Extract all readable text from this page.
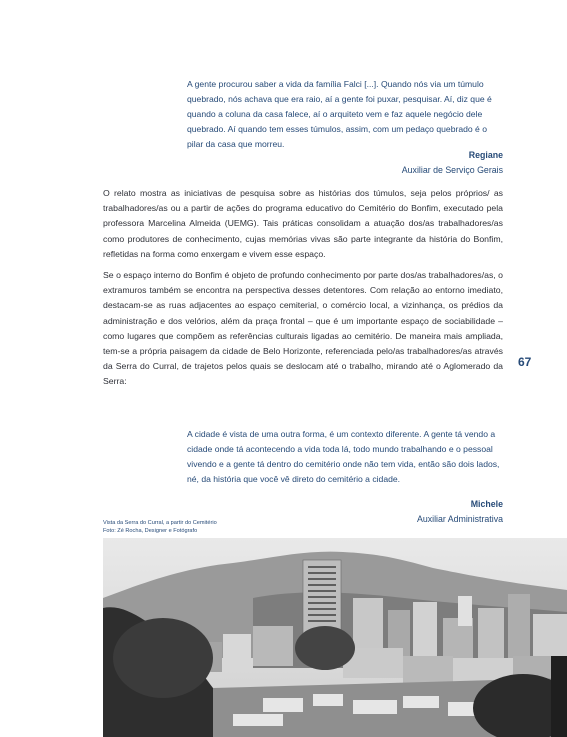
A gente procurou saber a vida da família Falci [...]. Quando nós via um túmulo quebrado, nós achava que era raio, aí a gente foi puxar, pesquisar. Aí, diz que é quando a coluna da casa falece, aí o arquiteto vem e faz aquele negócio dele quebrado. Aí quando tem esses túmulos, assim, com um pedaço quebrado é o pilar da casa que morreu.

Regiane
Auxiliar de Serviço Gerais

O relato mostra as iniciativas de pesquisa sobre as histórias dos túmulos, seja pelos próprios/ as trabalhadores/as ou a partir de ações do programa educativo do Cemitério do Bonfim, executado pela professora Marcelina Almeida (UEMG). Tais práticas consolidam a atuação dos/as trabalhadores/as como produtores de conhecimento, cujas memórias vivas são parte integrante da história do Bonfim, refletidas na forma como enxergam e vivem esse espaço.

Se o espaço interno do Bonfim é objeto de profundo conhecimento por parte dos/as trabalhadores/as, o extramuros também se encontra na perspectiva desses detentores. Com relação ao entorno imediato, destacam-se as ruas adjacentes ao espaço cemiterial, o comércio local, a vizinhança, os prédios da administração e dos velórios, além da praça frontal – que é um importante espaço de sociabilidade – como lugares que compõem as referências culturais ligadas ao cemitério. De maneira mais ampliada, tem-se a própria paisagem da cidade de Belo Horizonte, referenciada pelo/as trabalhadores/as através da Serra do Curral, de trajetos pelos quais se deslocam até o trabalho, mirando até o Aglomerado da Serra:

67

A cidade é vista de uma outra forma, é um contexto diferente. A gente tá vendo a cidade onde tá acontecendo a vida toda lá, todo mundo trabalhando e o pessoal vivendo e a gente tá dentro do cemitério onde não tem vida, então são dois lados, né, da história que você vê direto do cemitério a cidade.

Michele
Auxiliar Administrativa
Vista da Serra do Curral, a partir do Cemitério
Foto: Zé Rocha, Designer e Fotógrafo
